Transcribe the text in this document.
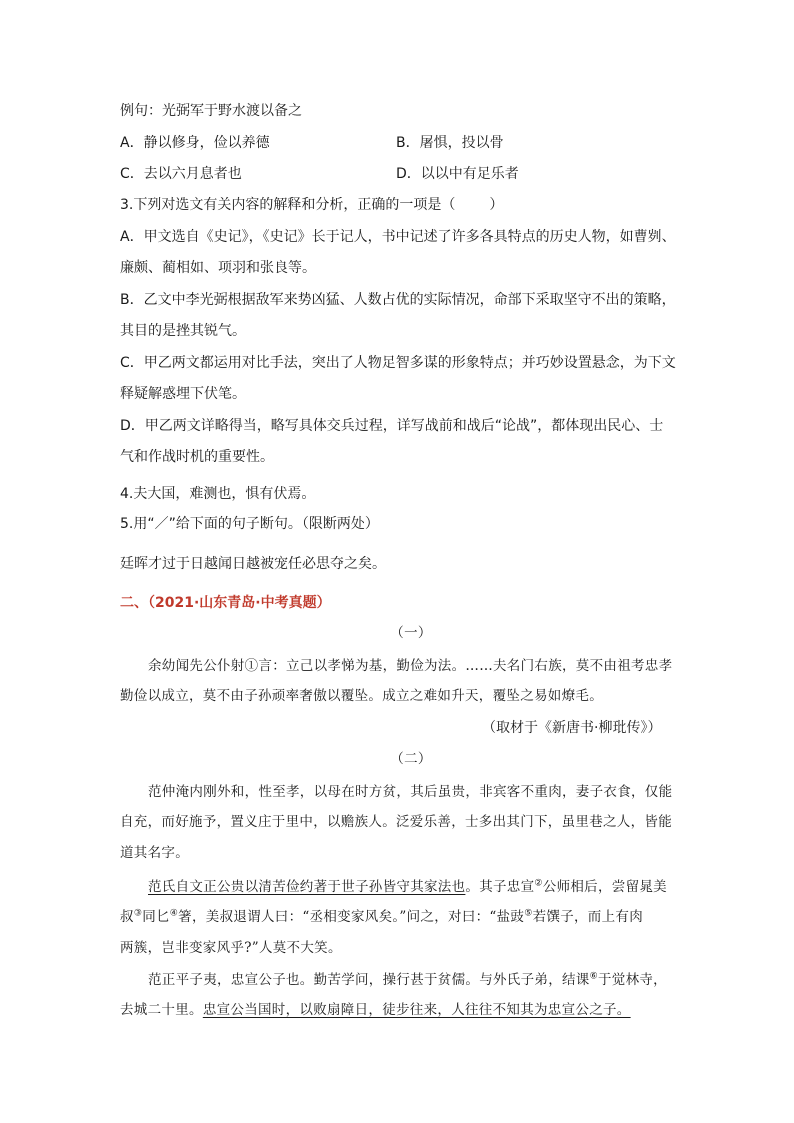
例句：光弼军于野水渡以备之
A．静以修身，俭以养德	B．屠惧，投以骨
C．去以六月息者也	D．以以中有足乐者
3.下列对选文有关内容的解释和分析，正确的一项是（ ）
A．甲文选自《史记》，《史记》长于记人，书中记述了许多各具特点的历史人物，如曹刿、
廉颇、蔺相如、项羽和张良等。
B．乙文中李光弼根据敌军来势凶猛、人数占优的实际情况，命部下采取坚守不出的策略，
其目的是挫其锐气。
C．甲乙两文都运用对比手法，突出了人物足智多谋的形象特点；并巧妙设置悬念，为下文
释疑解惑埋下伏笔。
D．甲乙两文详略得当，略写具体交兵过程，详写战前和战后“论战”，都体现出民心、士
气和作战时机的重要性。
4.夫大国，难测也，惧有伏焉。
5.用“／”给下面的句子断句。（限断两处）
廷晖才过于日越闻日越被宠任必思夺之矣。
二、（2021·山东青岛·中考真题）
（一）
余幼闻先公仆射①言：立己以孝悌为基，勤俭为法。……夫名门右族，莫不由祖考忠孝
勤俭以成立，莫不由子孙顽率奢傲以覆坠。成立之难如升天，覆坠之易如燎毛。
（取材于《新唐书·柳玭传》）
（二）
范仲淹内刚外和，性至孝，以母在时方贫，其后虽贵，非宾客不重肉，妻子衣食，仅能
自充，而好施予，置义庄于里中，以赡族人。泛爱乐善，士多出其门下，虽里巷之人，皆能
道其名字。
范氏自文正公贵以清苦俭约著于世子孙皆守其家法也。其子忠宣②公师相后，尝留晁美
叔③同匕④箸，美叔退谓人曰：“丞相变家风矣。”问之，对曰：“盐豉⑤若馔子，而上有肉
两簇，岂非变家风乎?”人莫不大笑。
范正平子夷，忠宣公子也。勤苦学问，操行甚于贫儒。与外氏子弟，结课⑥于觉林寺，
去城二十里。忠宣公当国时，以败扇障日，徒步往来，人往往不知其为忠宣公之子。
